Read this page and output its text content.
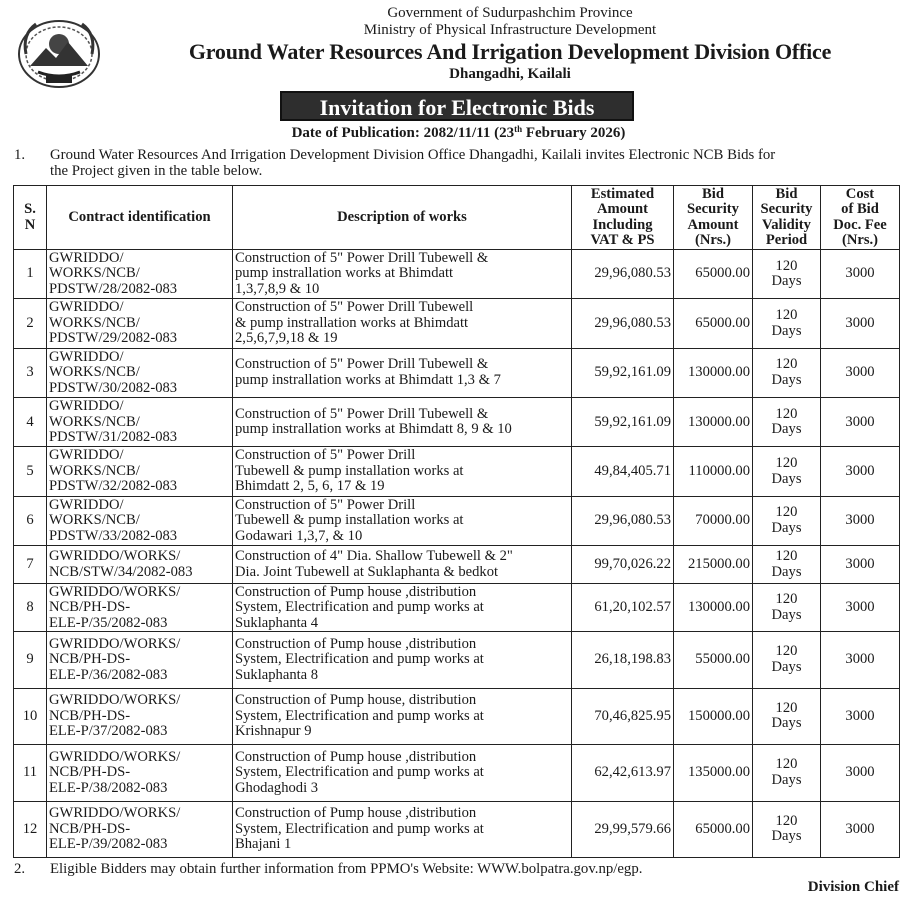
Government of Sudurpashchim Province
Ministry of Physical Infrastructure Development
Ground Water Resources And Irrigation Development Division Office
Dhangadhi, Kailali
Invitation for Electronic Bids
Date of Publication: 2082/11/11 (23th February 2026)
1. Ground Water Resources And Irrigation Development Division Office Dhangadhi, Kailali invites Electronic NCB Bids for
the Project given in the table below.
S.
N	Contract identification	Description of works	Estimated
Amount
Including
VAT & PS	Bid
Security
Amount
(Nrs.)	Bid
Security
Validity
Period	Cost
of Bid
Doc. Fee
(Nrs.)
1	GWRIDDO/
WORKS/NCB/
PDSTW/28/2082-083	Construction of 5" Power Drill Tubewell &
pump instrallation works at Bhimdatt
1,3,7,8,9 & 10	29,96,080.53	65000.00	120
Days	3000
2	GWRIDDO/
WORKS/NCB/
PDSTW/29/2082-083	Construction of 5" Power Drill Tubewell
& pump instrallation works at Bhimdatt
2,5,6,7,9,18 & 19	29,96,080.53	65000.00	120
Days	3000
3	GWRIDDO/
WORKS/NCB/
PDSTW/30/2082-083	Construction of 5" Power Drill Tubewell &
pump instrallation works at Bhimdatt 1,3 & 7	59,92,161.09	130000.00	120
Days	3000
4	GWRIDDO/
WORKS/NCB/
PDSTW/31/2082-083	Construction of 5" Power Drill Tubewell &
pump instrallation works at Bhimdatt 8, 9 & 10	59,92,161.09	130000.00	120
Days	3000
5	GWRIDDO/
WORKS/NCB/
PDSTW/32/2082-083	Construction of 5" Power Drill
Tubewell & pump installation works at
Bhimdatt 2, 5, 6, 17 & 19	49,84,405.71	110000.00	120
Days	3000
6	GWRIDDO/
WORKS/NCB/
PDSTW/33/2082-083	Construction of 5" Power Drill
Tubewell & pump installation works at
Godawari 1,3,7, & 10	29,96,080.53	70000.00	120
Days	3000
7	GWRIDDO/WORKS/
NCB/STW/34/2082-083	Construction of 4" Dia. Shallow Tubewell & 2"
Dia. Joint Tubewell at Suklaphanta & bedkot	99,70,026.22	215000.00	120
Days	3000
8	GWRIDDO/WORKS/
NCB/PH-DS-
ELE-P/35/2082-083	Construction of Pump house ,distribution
System, Electrification and pump works at
Suklaphanta 4	61,20,102.57	130000.00	120
Days	3000
9	GWRIDDO/WORKS/
NCB/PH-DS-
ELE-P/36/2082-083	Construction of Pump house ,distribution
System, Electrification and pump works at
Suklaphanta 8	26,18,198.83	55000.00	120
Days	3000
10	GWRIDDO/WORKS/
NCB/PH-DS-
ELE-P/37/2082-083	Construction of Pump house, distribution
System, Electrification and pump works at
Krishnapur 9	70,46,825.95	150000.00	120
Days	3000
11	GWRIDDO/WORKS/
NCB/PH-DS-
ELE-P/38/2082-083	Construction of Pump house ,distribution
System, Electrification and pump works at
Ghodaghodi 3	62,42,613.97	135000.00	120
Days	3000
12	GWRIDDO/WORKS/
NCB/PH-DS-
ELE-P/39/2082-083	Construction of Pump house ,distribution
System, Electrification and pump works at
Bhajani 1	29,99,579.66	65000.00	120
Days	3000
2. Eligible Bidders may obtain further information from PPMO's Website: WWW.bolpatra.gov.np/egp.
Division Chief
